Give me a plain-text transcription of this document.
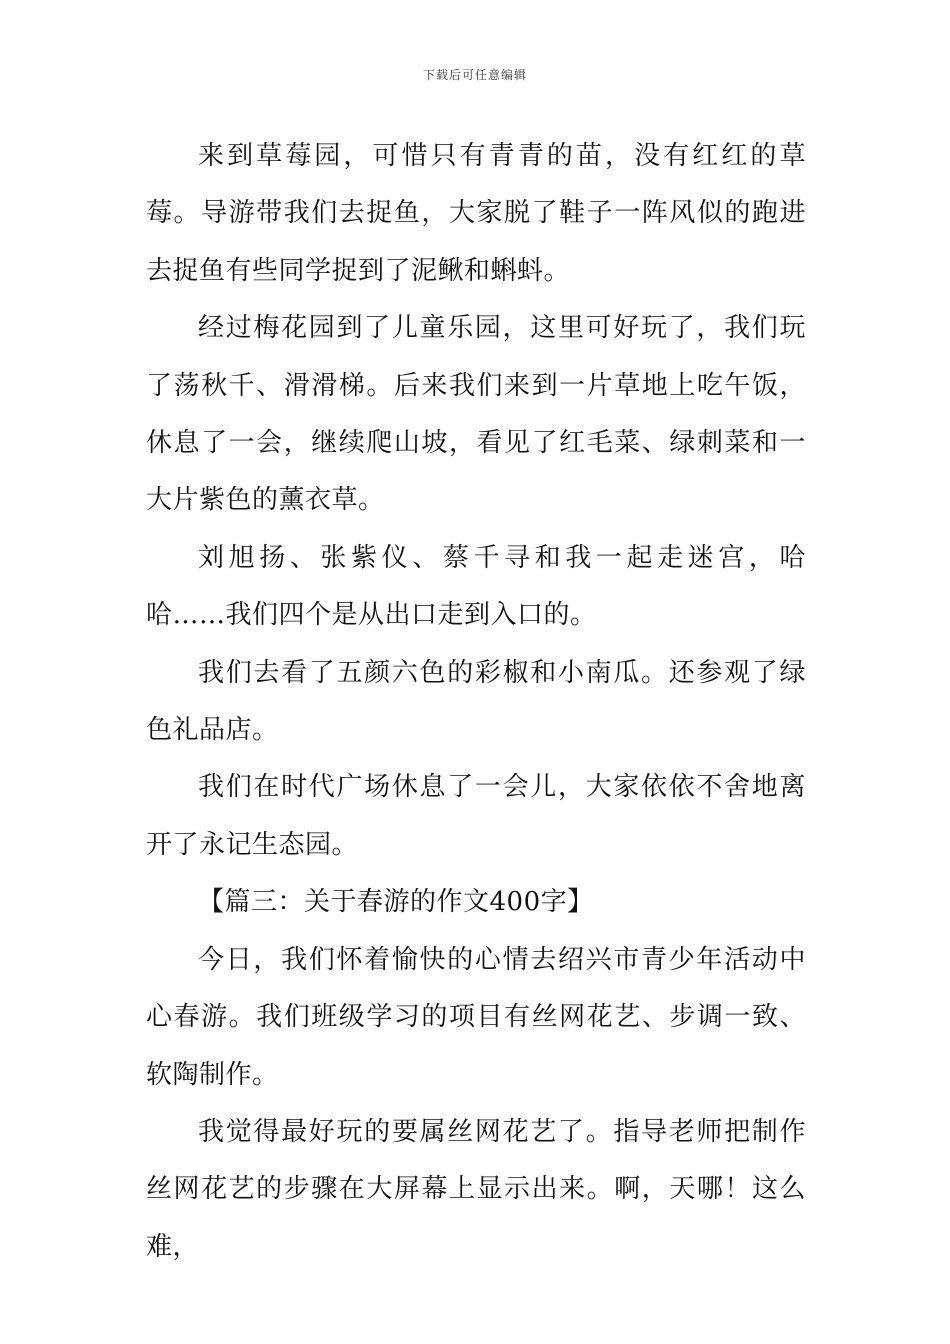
下载后可任意编辑

来到草莓园，可惜只有青青的苗，没有红红的草莓。导游带我们去捉鱼，大家脱了鞋子一阵风似的跑进去捉鱼有些同学捉到了泥鳅和蝌蚪。

经过梅花园到了儿童乐园，这里可好玩了，我们玩了荡秋千、滑滑梯。后来我们来到一片草地上吃午饭，休息了一会，继续爬山坡，看见了红毛菜、绿刺菜和一大片紫色的薰衣草。

刘旭扬、张紫仪、蔡千寻和我一起走迷宫，哈哈……我们四个是从出口走到入口的。

我们去看了五颜六色的彩椒和小南瓜。还参观了绿色礼品店。

我们在时代广场休息了一会儿，大家依依不舍地离开了永记生态园。

【篇三：关于春游的作文400字】

今日，我们怀着愉快的心情去绍兴市青少年活动中心春游。我们班级学习的项目有丝网花艺、步调一致、软陶制作。

我觉得最好玩的要属丝网花艺了。指导老师把制作丝网花艺的步骤在大屏幕上显示出来。啊，天哪！这么难，
